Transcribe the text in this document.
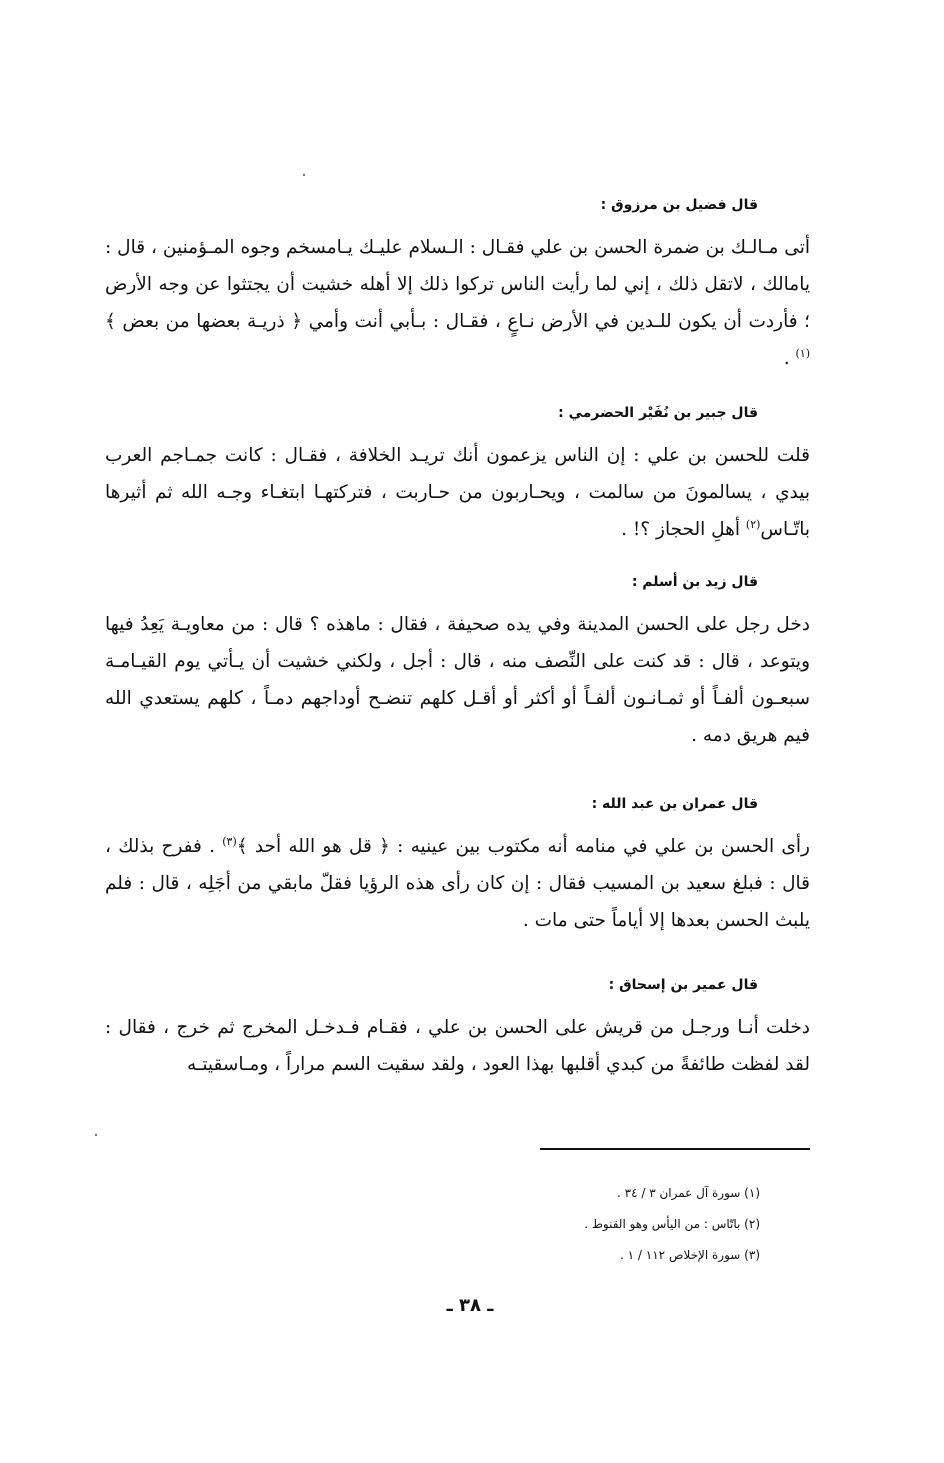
قال فضيل بن مرزوق :

أتى مـالـك بن ضمرة الحسن بن علي فقـال : الـسلام عليـك يـامسخم وجوه المـؤمنين ، قال : يامالك ، لاتقل ذلك ، إني لما رأيت الناس تركوا ذلك إلا أهله خشيت أن يجتثوا عن وجه الأرض ؛ فأردت أن يكون للـدين في الأرض نـاعٍ ، فقـال : بـأبي أنت وأمي ﴿ ذريـة بعضها من بعض ﴾$^{(١)}$ .

قال جبير بن نُفَيْر الحضرمي :

قلت للحسن بن علي : إن الناس يزعمون أنك تريـد الخلافة ، فقـال : كانت جمـاجم العرب بيدي ، يسالمونَ من سالمت ، ويحـاربون من حـاربت ، فتركتهـا ابتغـاء وجـه الله ثم أثيرها باتّـاس$^{(٢)}$ أهلِ الحجاز ؟! .

قال زيد بن أسلم :

دخل رجل على الحسن المدينة وفي يده صحيفة ، فقال : ماهذه ؟ قال : من معاويـة يَعِدُ فيها ويتوعد ، قال : قد كنت على النِّصف منه ، قال : أجل ، ولكني خشيت أن يـأتي يوم القيـامـة سبعـون ألفـاً أو ثمـانـون ألفـاً أو أكثر أو أقـل كلهم تنضـح أوداجهم دمـاً ، كلهم يستعدي الله فيم هريق دمه .

قال عمران بن عبد الله :

رأى الحسن بن علي في منامه أنه مكتوب بين عينيه : ﴿ قل هو الله أحد ﴾$^{(٣)}$ . ففرح بذلك ، قال : فبلغ سعيد بن المسيب فقال : إن كان رأى هذه الرؤيا فقلّ مابقي من أجَلِه ، قال : فلم يلبث الحسن بعدها إلا أياماً حتى مات .

قال عمير بن إسحاق :

دخلت أنـا ورجـل من قريش على الحسن بن علي ، فقـام فـدخـل المخرج ثم خرج ، فقال : لقد لفظت طائفةً من كبدي أقلبها بهذا العود ، ولقد سقيت السم مراراً ، ومـاسقيتـه

(١) سورة آل عمران ٣ / ٣٤ .

(٢) باتّاس : من اليأس وهو القنوط .

(٣) سورة الإخلاص ١١٢ / ١ .

ـ ٣٨ ـ
